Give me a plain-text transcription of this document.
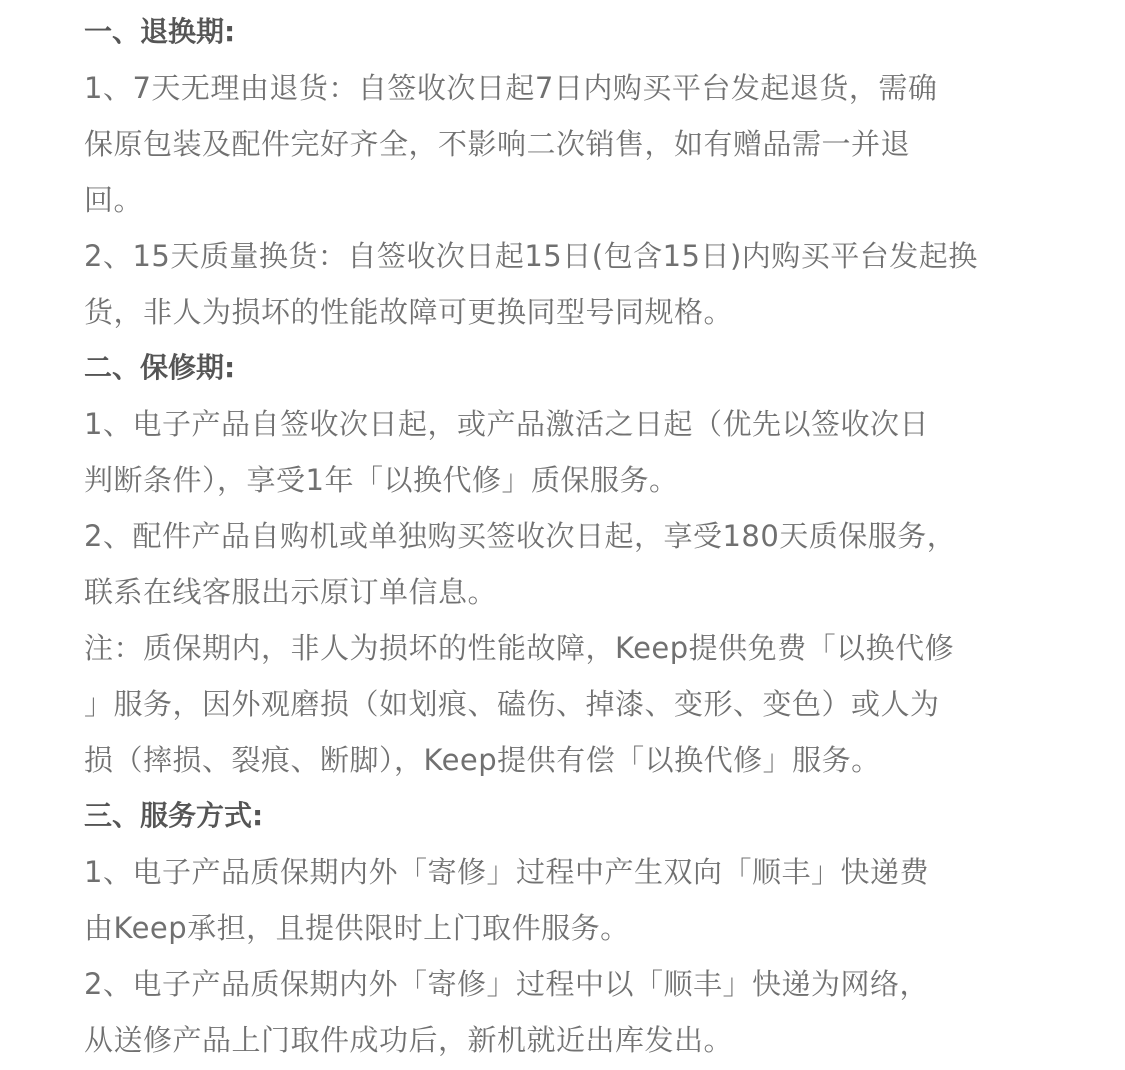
一、退换期:
1、7天无理由退货：自签收次日起7日内购买平台发起退货，需确
保原包装及配件完好齐全，不影响二次销售，如有赠品需一并退
回。
2、15天质量换货：自签收次日起15日(包含15日)内购买平台发起换
货，非人为损坏的性能故障可更换同型号同规格。
二、保修期:
1、电子产品自签收次日起，或产品激活之日起（优先以签收次日
判断条件），享受1年「以换代修」质保服务。
2、配件产品自购机或单独购买签收次日起，享受180天质保服务，
联系在线客服出示原订单信息。
注：质保期内，非人为损坏的性能故障，Keep提供免费「以换代修
」服务，因外观磨损（如划痕、磕伤、掉漆、变形、变色）或人为
损（摔损、裂痕、断脚），Keep提供有偿「以换代修」服务。
三、服务方式:
1、电子产品质保期内外「寄修」过程中产生双向「顺丰」快递费
由Keep承担，且提供限时上门取件服务。
2、电子产品质保期内外「寄修」过程中以「顺丰」快递为网络，
从送修产品上门取件成功后，新机就近出库发出。
